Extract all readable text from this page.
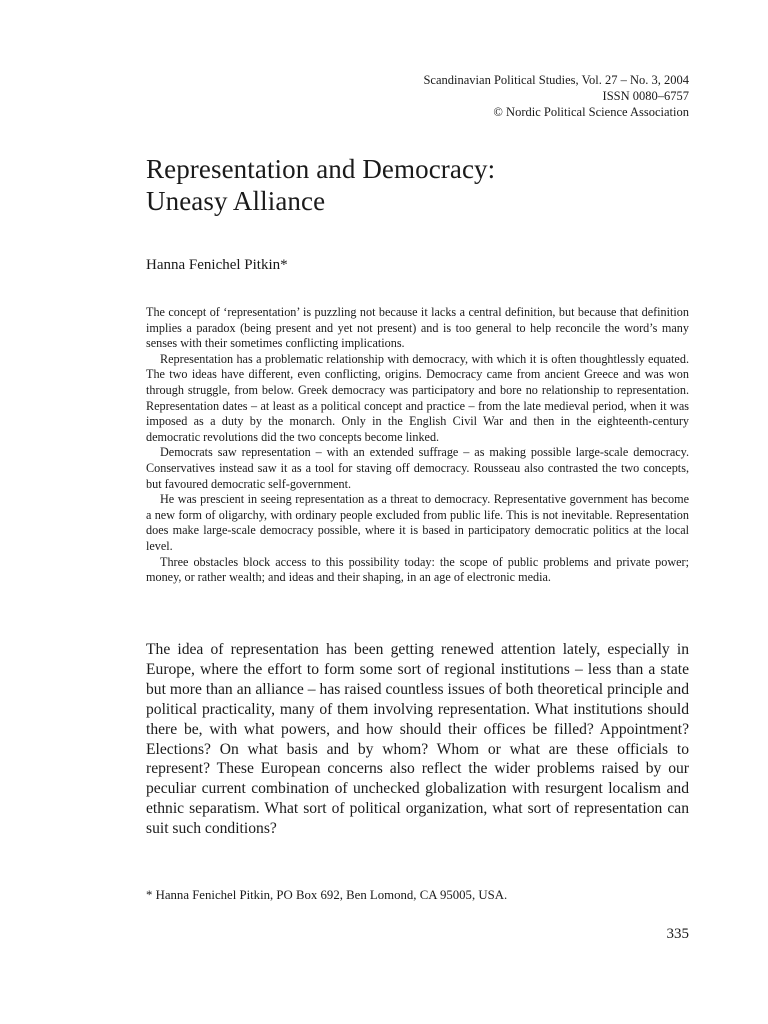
Scandinavian Political Studies, Vol. 27 – No. 3, 2004
ISSN 0080–6757
© Nordic Political Science Association
Representation and Democracy:
Uneasy Alliance
Hanna Fenichel Pitkin*

The concept of ‘representation’ is puzzling not because it lacks a central definition, but because that definition implies a paradox (being present and yet not present) and is too general to help reconcile the word’s many senses with their sometimes conflicting implications.

Representation has a problematic relationship with democracy, with which it is often thoughtlessly equated. The two ideas have different, even conflicting, origins. Democracy came from ancient Greece and was won through struggle, from below. Greek democracy was participatory and bore no relationship to representation. Representation dates – at least as a political concept and practice – from the late medieval period, when it was imposed as a duty by the monarch. Only in the English Civil War and then in the eighteenth-century democratic revolutions did the two concepts become linked.

Democrats saw representation – with an extended suffrage – as making possible large-scale democracy. Conservatives instead saw it as a tool for staving off democracy. Rousseau also contrasted the two concepts, but favoured democratic self-government.

He was prescient in seeing representation as a threat to democracy. Representative government has become a new form of oligarchy, with ordinary people excluded from public life. This is not inevitable. Representation does make large-scale democracy possible, where it is based in participatory democratic politics at the local level.

Three obstacles block access to this possibility today: the scope of public problems and private power; money, or rather wealth; and ideas and their shaping, in an age of electronic media.

The idea of representation has been getting renewed attention lately, especially in Europe, where the effort to form some sort of regional institutions – less than a state but more than an alliance – has raised countless issues of both theoretical principle and political practicality, many of them involving representation. What institutions should there be, with what powers, and how should their offices be filled? Appointment? Elections? On what basis and by whom? Whom or what are these officials to represent? These European concerns also reflect the wider problems raised by our peculiar current combination of unchecked globalization with resurgent localism and ethnic separatism. What sort of political organization, what sort of representation can suit such conditions?

* Hanna Fenichel Pitkin, PO Box 692, Ben Lomond, CA 95005, USA.
335
